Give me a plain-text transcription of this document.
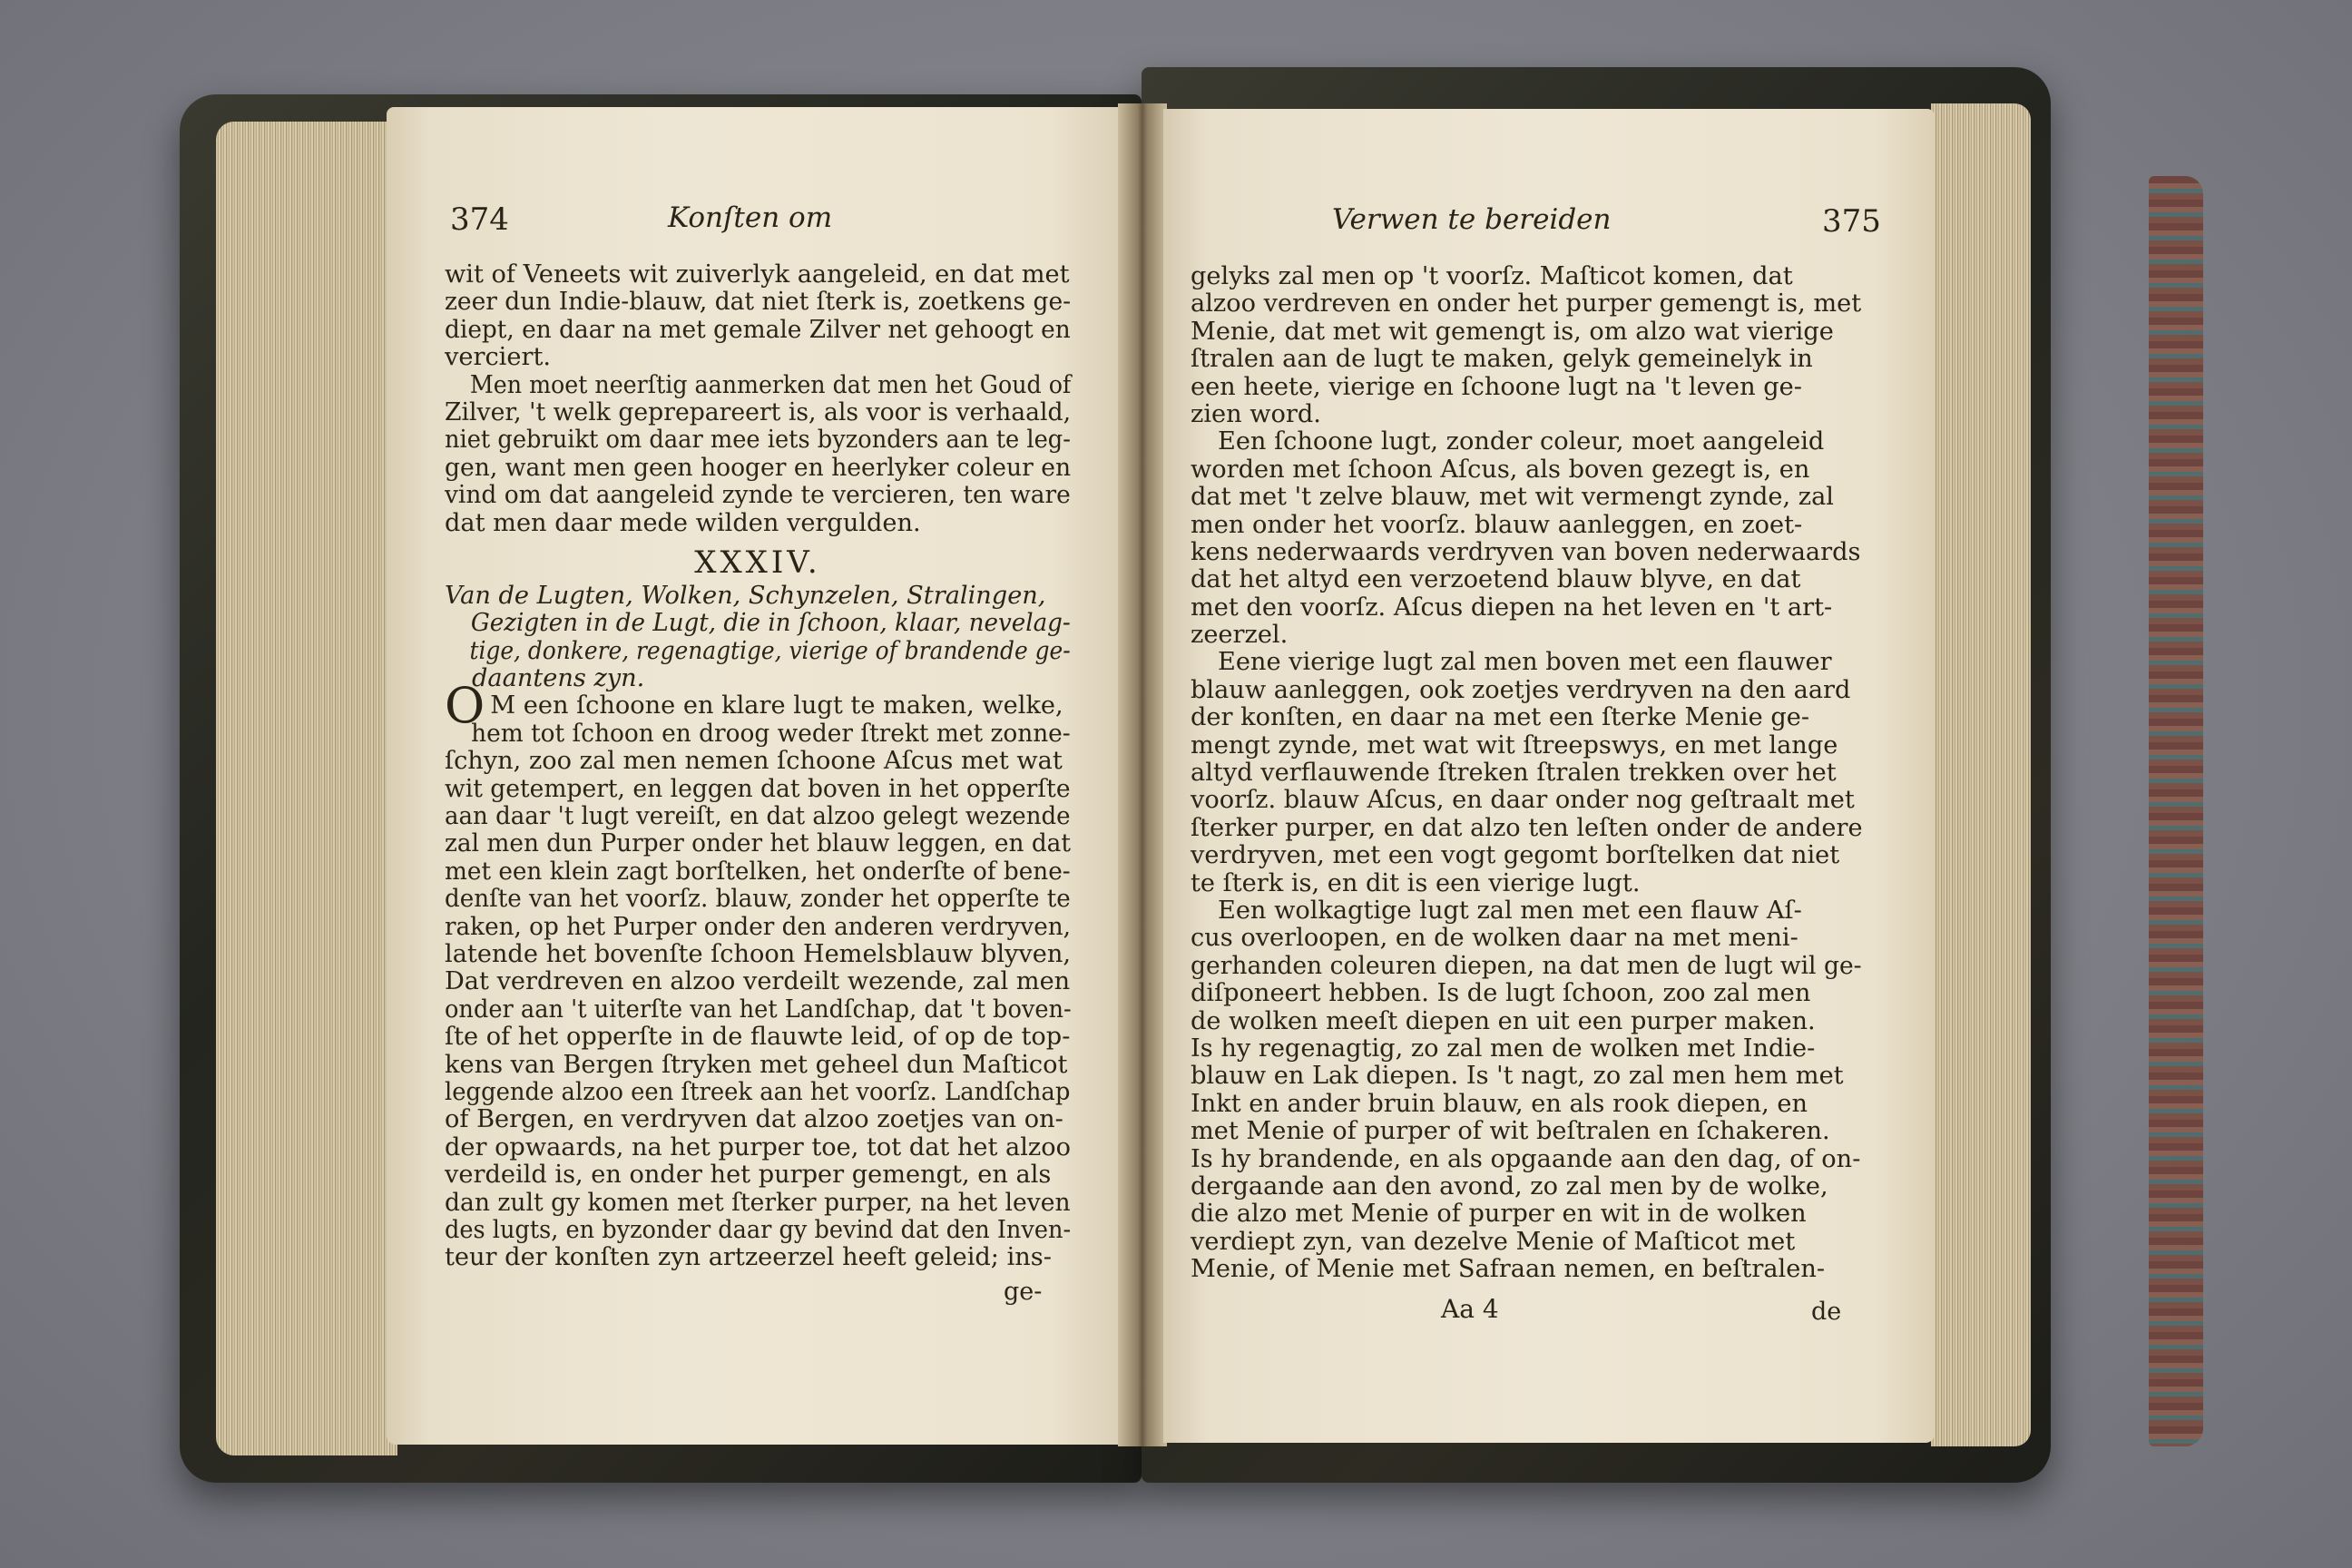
374	Konſten om
wit of Veneets wit zuiverlyk aangeleid, en dat met
zeer dun Indie-blauw, dat niet ſterk is, zoetkens ge-
diept, en daar na met gemale Zilver net gehoogt en
verciert.
Men moet neerſtig aanmerken dat men het Goud of
Zilver, 't welk geprepareert is, als voor is verhaald,
niet gebruikt om daar mee iets byzonders aan te leg-
gen, want men geen hooger en heerlyker coleur en
vind om dat aangeleid zynde te vercieren, ten ware
dat men daar mede wilden vergulden.
XXXIV.
Van de Lugten, Wolken, Schynzelen, Stralingen,
Gezigten in de Lugt, die in ſchoon, klaar, nevelag-
tige, donkere, regenagtige, vierige of brandende ge-
daantens zyn.
O M een ſchoone en klare lugt te maken, welke,
hem tot ſchoon en droog weder ſtrekt met zonne-
ſchyn, zoo zal men nemen ſchoone Aſcus met wat
wit getempert, en leggen dat boven in het opperſte
aan daar 't lugt vereiſt, en dat alzoo gelegt wezende
zal men dun Purper onder het blauw leggen, en dat
met een klein zagt borſtelken, het onderſte of bene-
denſte van het voorſz. blauw, zonder het opperſte te
raken, op het Purper onder den anderen verdryven,
latende het bovenſte ſchoon Hemelsblauw blyven,
Dat verdreven en alzoo verdeilt wezende, zal men
onder aan 't uiterſte van het Landſchap, dat 't boven-
ſte of het opperſte in de flauwte leid, of op de top-
kens van Bergen ſtryken met geheel dun Maſticot
leggende alzoo een ſtreek aan het voorſz. Landſchap
of Bergen, en verdryven dat alzoo zoetjes van on-
der opwaards, na het purper toe, tot dat het alzoo
verdeild is, en onder het purper gemengt, en als
dan zult gy komen met ſterker purper, na het leven
des lugts, en byzonder daar gy bevind dat den Inven-
teur der konſten zyn artzeerzel heeft geleid; ins-
ge-
Verwen te bereiden	375
gelyks zal men op 't voorſz. Maſticot komen, dat
alzoo verdreven en onder het purper gemengt is, met
Menie, dat met wit gemengt is, om alzo wat vierige
ſtralen aan de lugt te maken, gelyk gemeinelyk in
een heete, vierige en ſchoone lugt na 't leven ge-
zien word.
Een ſchoone lugt, zonder coleur, moet aangeleid
worden met ſchoon Aſcus, als boven gezegt is, en
dat met 't zelve blauw, met wit vermengt zynde, zal
men onder het voorſz. blauw aanleggen, en zoet-
kens nederwaards verdryven van boven nederwaards
dat het altyd een verzoetend blauw blyve, en dat
met den voorſz. Aſcus diepen na het leven en 't art-
zeerzel.
Eene vierige lugt zal men boven met een flauwer
blauw aanleggen, ook zoetjes verdryven na den aard
der konſten, en daar na met een ſterke Menie ge-
mengt zynde, met wat wit ſtreepswys, en met lange
altyd verflauwende ſtreken ſtralen trekken over het
voorſz. blauw Aſcus, en daar onder nog geſtraalt met
ſterker purper, en dat alzo ten leſten onder de andere
verdryven, met een vogt gegomt borſtelken dat niet
te ſterk is, en dit is een vierige lugt.
Een wolkagtige lugt zal men met een flauw Aſ-
cus overloopen, en de wolken daar na met meni-
gerhanden coleuren diepen, na dat men de lugt wil ge-
diſponeert hebben. Is de lugt ſchoon, zoo zal men
de wolken meeſt diepen en uit een purper maken.
Is hy regenagtig, zo zal men de wolken met Indie-
blauw en Lak diepen. Is 't nagt, zo zal men hem met
Inkt en ander bruin blauw, en als rook diepen, en
met Menie of purper of wit beſtralen en ſchakeren.
Is hy brandende, en als opgaande aan den dag, of on-
dergaande aan den avond, zo zal men by de wolke,
die alzo met Menie of purper en wit in de wolken
verdiept zyn, van dezelve Menie of Maſticot met
Menie, of Menie met Safraan nemen, en beſtralen-
Aa 4	de
